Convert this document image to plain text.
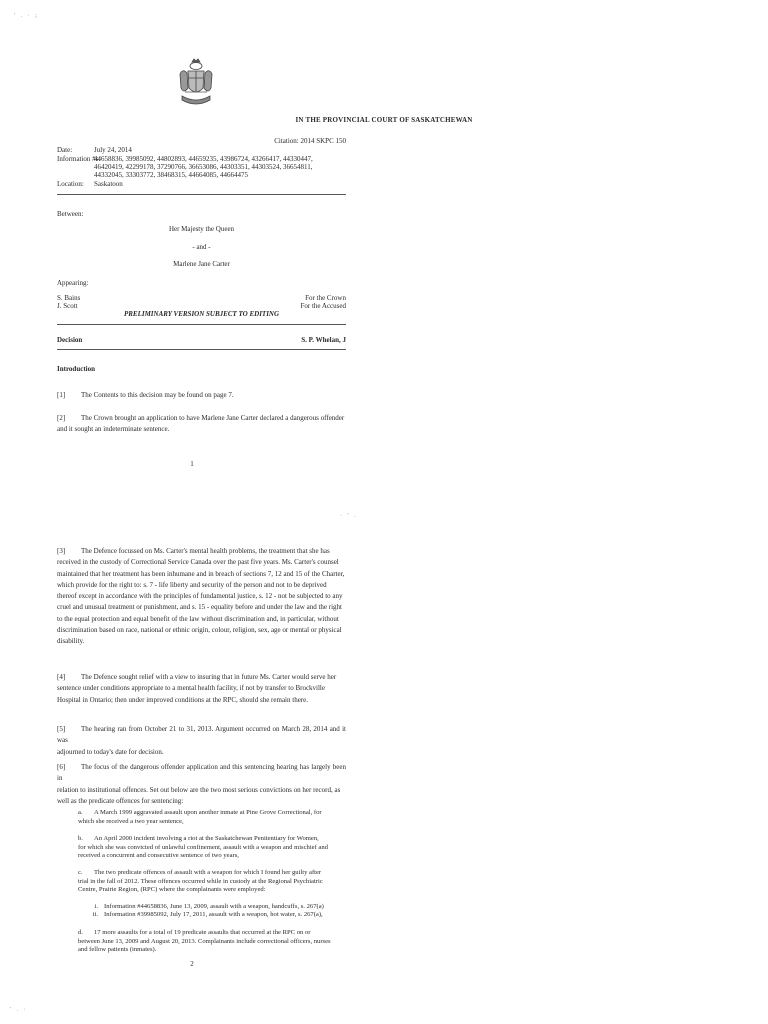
IN THE PROVINCIAL COURT OF SASKATCHEWAN
Citation: 2014 SKPC 150
Date:	July 24, 2014
Information #s:
44658836, 39985092, 44802893, 44659235, 43986724, 43266417, 44330447,
46420419, 42299178, 37290766, 36653086, 44303351, 44303524, 36654811,
44332045, 33303772, 38468315, 44664085, 44664475
Location: Saskatoon
Between:
Her Majesty the Queen
- and -
Marlene Jane Carter
Appearing:
S. Bains	For the Crown
J. Scott	For the Accused
PRELIMINARY VERSION SUBJECT TO EDITING
Decision	S. P. Whelan, J
Introduction
[1] The Contents to this decision may be found on page 7.
[2] The Crown brought an application to have Marlene Jane Carter declared a dangerous offender
and it sought an indeterminate sentence.
1
[3] The Defence focussed on Ms. Carter's mental health problems, the treatment that she has
received in the custody of Correctional Service Canada over the past five years. Ms. Carter's counsel
maintained that her treatment has been inhumane and in breach of sections 7, 12 and 15 of the Charter,
which provide for the right to: s. 7 - life liberty and security of the person and not to be deprived
thereof except in accordance with the principles of fundamental justice, s. 12 - not be subjected to any
cruel and unusual treatment or punishment, and s. 15 - equality before and under the law and the right
to the equal protection and equal benefit of the law without discrimination and, in particular, without
discrimination based on race, national or ethnic origin, colour, religion, sex, age or mental or physical
disability.
[4] The Defence sought relief with a view to insuring that in future Ms. Carter would serve her
sentence under conditions appropriate to a mental health facility, if not by transfer to Brockville
Hospital in Ontario; then under improved conditions at the RPC, should she remain there.
[5] The hearing ran from October 21 to 31, 2013. Argument occurred on March 28, 2014 and it was
adjourned to today's date for decision.
[6] The focus of the dangerous offender application and this sentencing hearing has largely been in
relation to institutional offences. Set out below are the two most serious convictions on her record, as
well as the predicate offences for sentencing:
a. A March 1999 aggravated assault upon another inmate at Pine Grove Correctional, for
which she received a two year sentence,
b. An April 2000 incident involving a riot at the Saskatchewan Penitentiary for Women,
for which she was convicted of unlawful confinement, assault with a weapon and mischief and
received a concurrent and consecutive sentence of two years,
c. The two predicate offences of assault with a weapon for which I found her guilty after
trial in the fall of 2012. These offences occurred while in custody at the Regional Psychiatric
Centre, Prairie Region, (RPC) where the complainants were employed:
i. Information #44658836, June 13, 2009, assault with a weapon, handcuffs, s. 267(a)
ii. Information #39985092, July 17, 2011, assault with a weapon, hot water, s. 267(a),
d. 17 more assaults for a total of 19 predicate assaults that occurred at the RPC on or
between June 13, 2009 and August 20, 2013. Complainants include correctional officers, nurses
and fellow patients (inmates).
2
' . · ;
· ' .
' . ·
